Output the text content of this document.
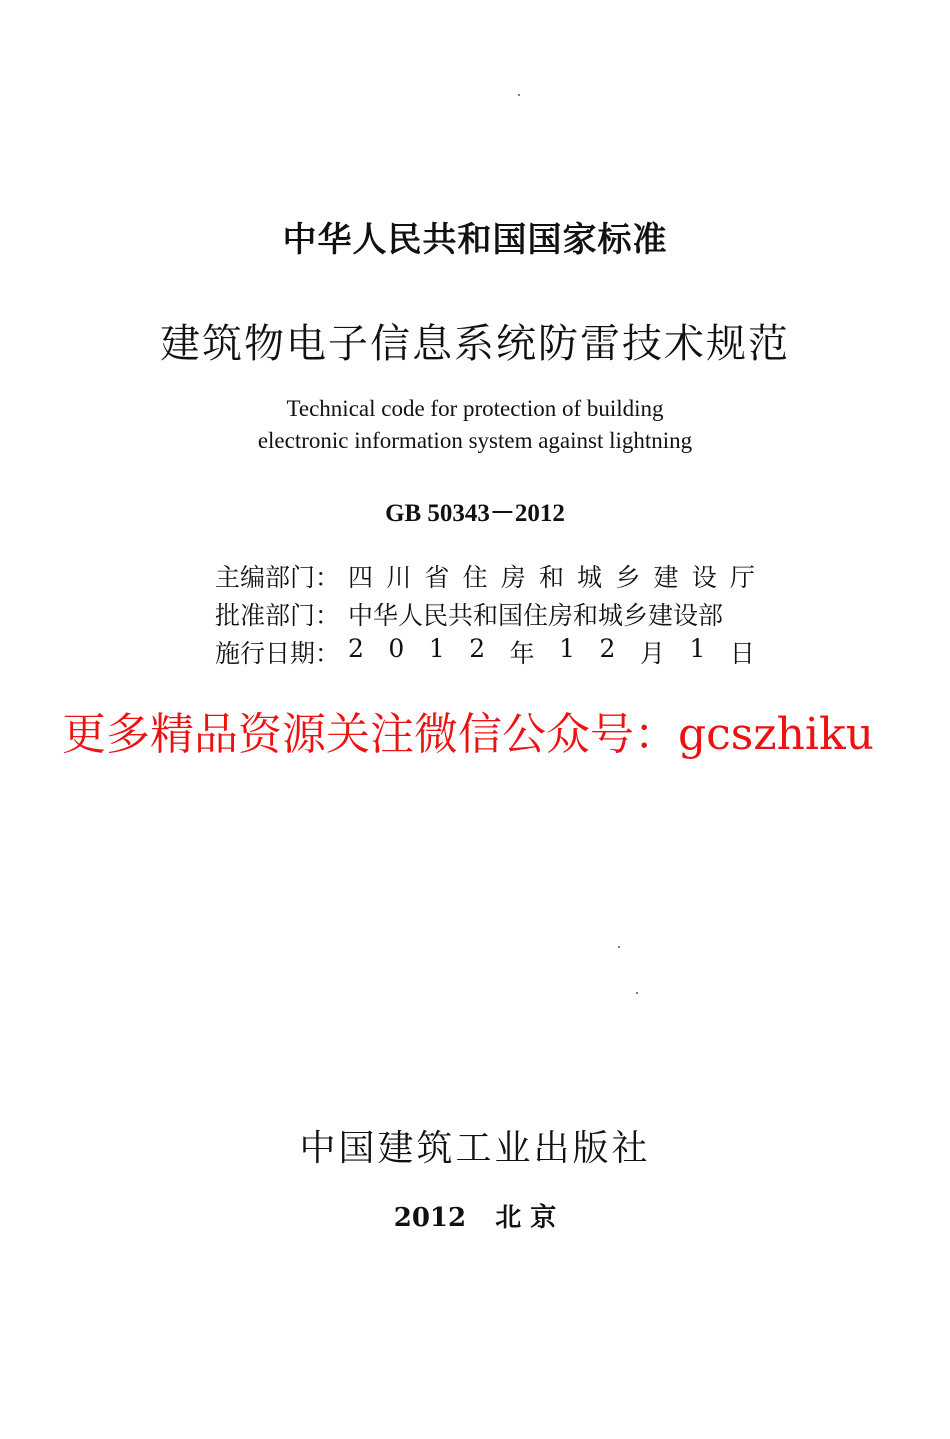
中华人民共和国国家标准
建筑物电子信息系统防雷技术规范
Technical code for protection of building
electronic information system against lightning
GB 50343－2012
主编部门： 四 川 省 住 房 和 城 乡 建 设 厅
批准部门： 中华人民共和国住房和城乡建设部
施行日期： 2 0 1 2 年 1 2 月 1 日
更多精品资源关注微信公众号：gcszhiku
中国建筑工业出版社
2012 北 京
